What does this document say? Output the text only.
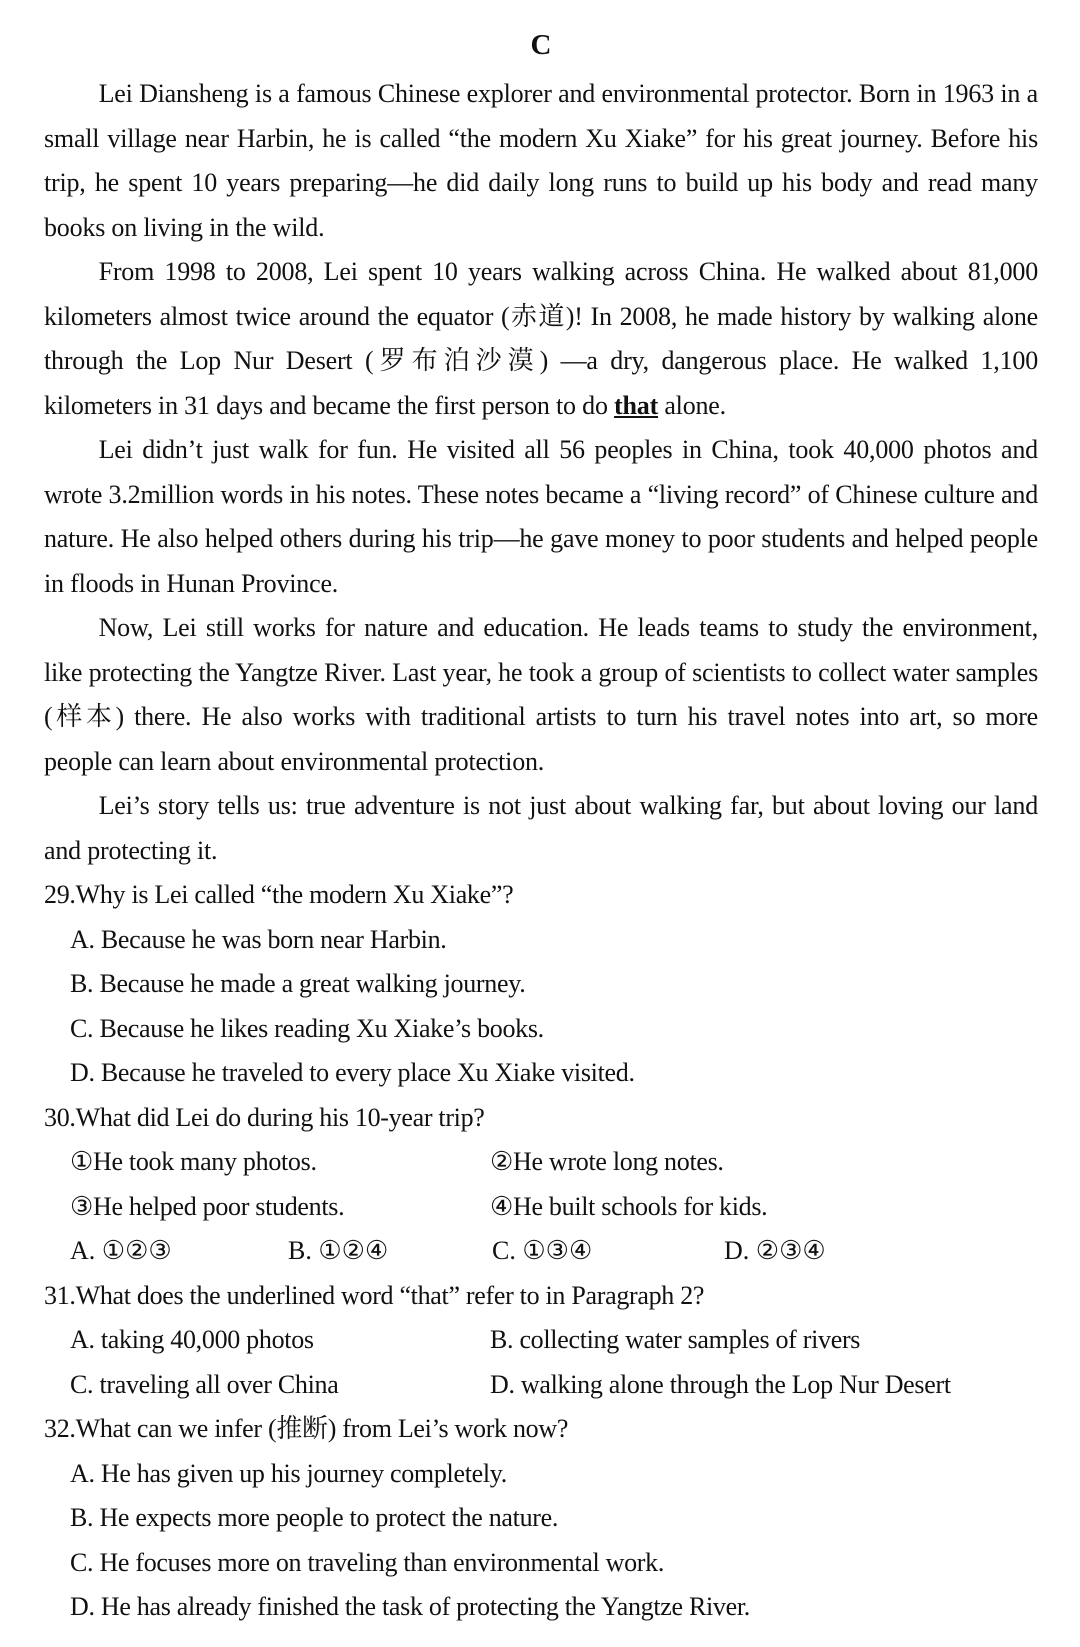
C

Lei Diansheng is a famous Chinese explorer and environmental protector. Born in 1963 in a small village near Harbin, he is called “the modern Xu Xiake” for his great journey. Before his trip, he spent 10 years preparing—he did daily long runs to build up his body and read many books on living in the wild.

From 1998 to 2008, Lei spent 10 years walking across China. He walked about 81,000 kilometers almost twice around the equator (赤道)! In 2008, he made history by walking alone through the Lop Nur Desert (罗布泊沙漠) —a dry, dangerous place. He walked 1,100 kilometers in 31 days and became the first person to do that alone.

Lei didn’t just walk for fun. He visited all 56 peoples in China, took 40,000 photos and wrote 3.2million words in his notes. These notes became a “living record” of Chinese culture and nature. He also helped others during his trip—he gave money to poor students and helped people in floods in Hunan Province.

Now, Lei still works for nature and education. He leads teams to study the environment, like protecting the Yangtze River. Last year, he took a group of scientists to collect water samples (样本) there. He also works with traditional artists to turn his travel notes into art, so more people can learn about environmental protection.

Lei’s story tells us: true adventure is not just about walking far, but about loving our land and protecting it.

29.Why is Lei called “the modern Xu Xiake”?

A. Because he was born near Harbin.

B. Because he made a great walking journey.

C. Because he likes reading Xu Xiake’s books.

D. Because he traveled to every place Xu Xiake visited.

30.What did Lei do during his 10-year trip?

①He took many photos.	②He wrote long notes.
③He helped poor students.	④He built schools for kids.
A. ①②③	B. ①②④	C. ①③④	D. ②③④

31.What does the underlined word “that” refer to in Paragraph 2?

A. taking 40,000 photos	B. collecting water samples of rivers
C. traveling all over China	D. walking alone through the Lop Nur Desert

32.What can we infer (推断) from Lei’s work now?

A. He has given up his journey completely.

B. He expects more people to protect the nature.

C. He focuses more on traveling than environmental work.

D. He has already finished the task of protecting the Yangtze River.
